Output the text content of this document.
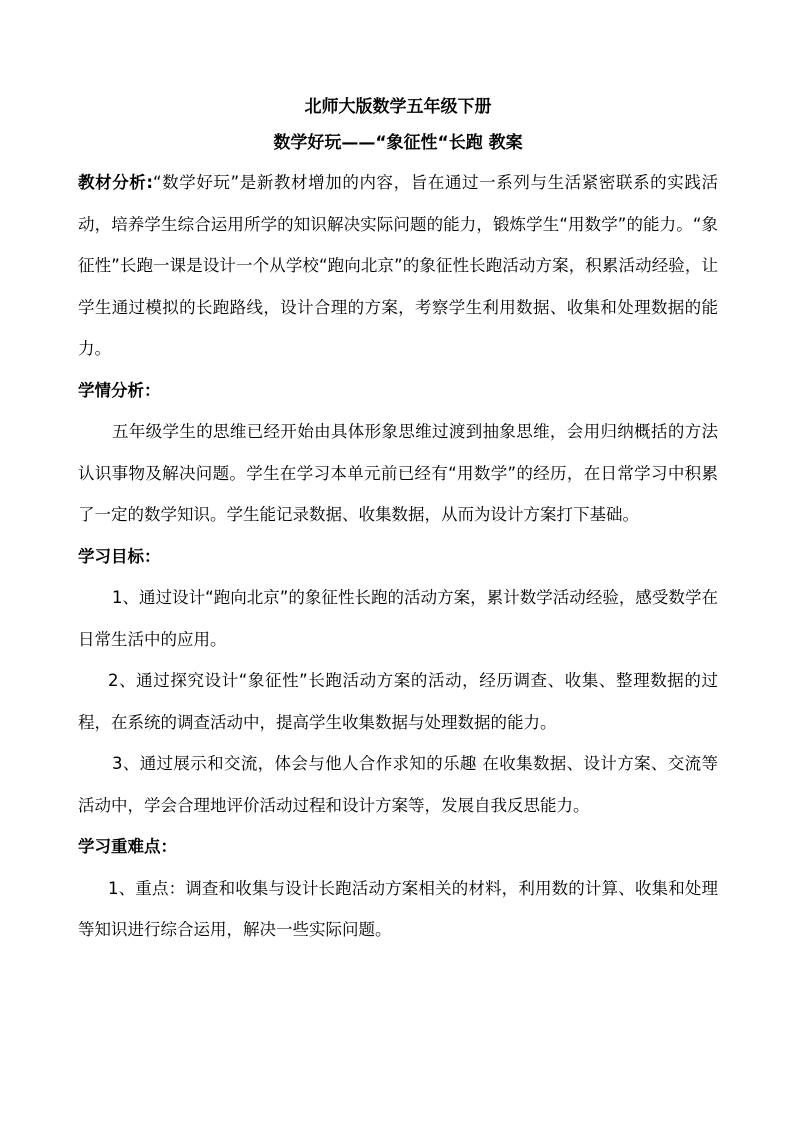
北师大版数学五年级下册

数学好玩——“象征性“长跑 教案

教材分析:“数学好玩”是新教材增加的内容，旨在通过一系列与生活紧密联系的实践活动，培养学生综合运用所学的知识解决实际问题的能力，锻炼学生“用数学”的能力。“象征性”长跑一课是设计一个从学校“跑向北京”的象征性长跑活动方案，积累活动经验，让学生通过模拟的长跑路线，设计合理的方案，考察学生利用数据、收集和处理数据的能力。

学情分析：

五年级学生的思维已经开始由具体形象思维过渡到抽象思维，会用归纳概括的方法认识事物及解决问题。学生在学习本单元前已经有“用数学”的经历，在日常学习中积累了一定的数学知识。学生能记录数据、收集数据，从而为设计方案打下基础。

学习目标：

1、通过设计“跑向北京”的象征性长跑的活动方案，累计数学活动经验，感受数学在日常生活中的应用。

2、通过探究设计“象征性”长跑活动方案的活动，经历调查、收集、整理数据的过程，在系统的调查活动中，提高学生收集数据与处理数据的能力。

3、通过展示和交流，体会与他人合作求知的乐趣 在收集数据、设计方案、交流等活动中，学会合理地评价活动过程和设计方案等，发展自我反思能力。

学习重难点：

1、重点：调查和收集与设计长跑活动方案相关的材料，利用数的计算、收集和处理等知识进行综合运用，解决一些实际问题。
